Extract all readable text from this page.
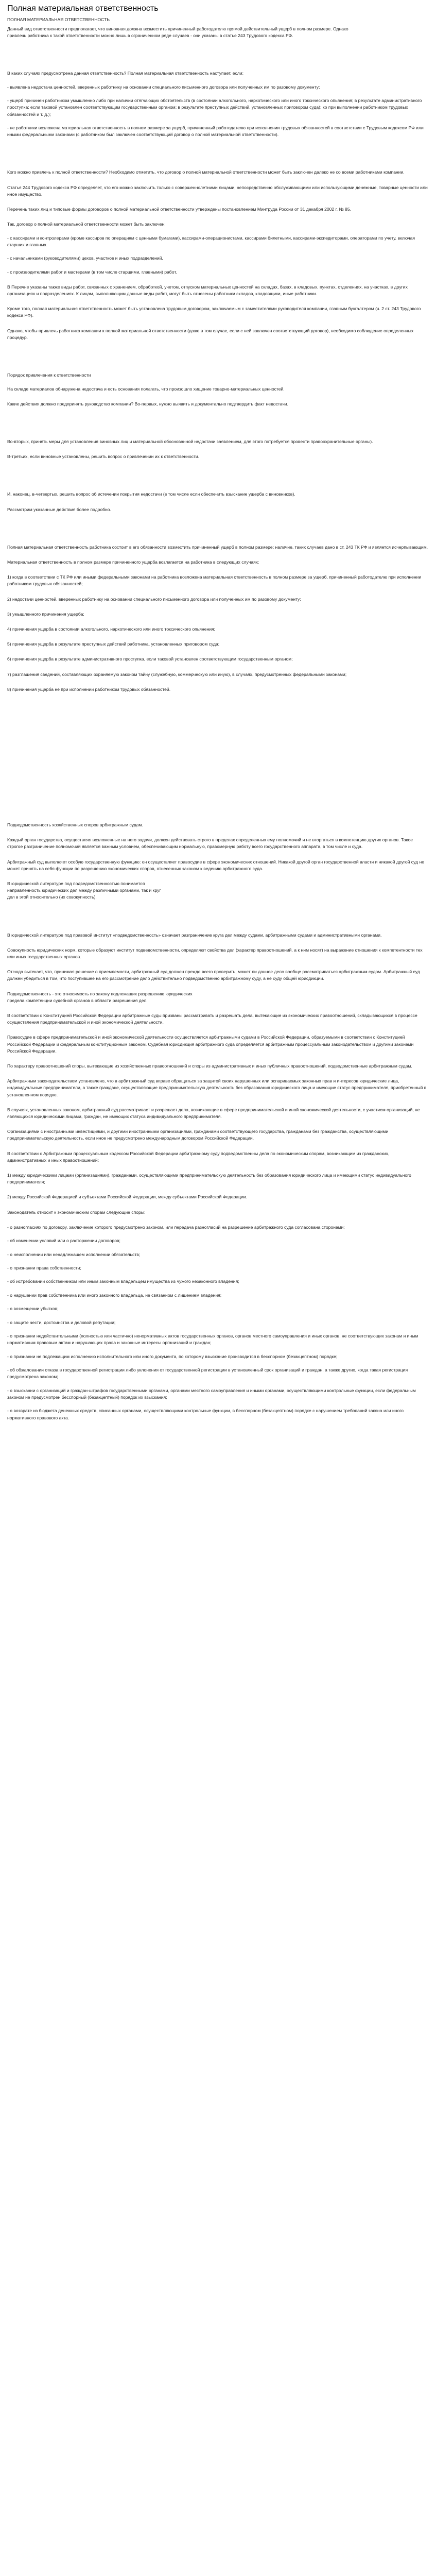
Полная материальная ответственность
ПОЛНАЯ МАТЕРИАЛЬНАЯ ОТВЕТСТВЕННОСТЬ
Данный вид ответственности предполагает, что виновная должна возместить причиненный работодателю прямой действительный ущерб в полном размере. Однако
привлечь работника к такой ответственности можно лишь в ограниченном ряде случаев - они указаны в статье 243 Трудового кодекса РФ.
В каких случаях предусмотрена данная ответственность? Полная материальная ответственность наступает, если:

- выявлена недостача ценностей, вверенных работнику на основании специального письменного договора или полученных им по разовому документу;

- ущерб причинен работником умышленно либо при наличии отягчающих обстоятельств (в состоянии алкогольного, наркотического или иного токсического опьянения; в результате административного проступка; если таковой установлен соответствующим государственным органом; в результате преступных действий, установленных приговором суда); ко при выполнении работником трудовых обязанностей и т. д.);

- не работники возложена материальная ответственность в полном размере за ущерб, причиненный работодателю при исполнении трудовых обязанностей в соответствии с Трудовым кодексом РФ или иными федеральными законами (с работником был заключен соответствующий договор о полной материальной ответственности).
Кого можно привлечь к полной ответственности? Необходимо отметить, что договор о полной материальной ответственности может быть заключен далеко не со всеми работниками компании.
Статья 244 Трудового кодекса РФ определяет, что его можно заключить только с совершеннолетними лицами, непосредственно обслуживающими или использующими денежные, товарные ценности или иное имущество.
Перечень таких лиц и типовые формы договоров о полной материальной ответственности утверждены постановлением Минтруда России от 31 декабря 2002 г. № 85.
Так, договор о полной материальной ответственности может быть заключен:

- с кассирами и контролерами (кроме кассиров по операциям с ценными бумагами), кассирами-операционистами, кассирами билетными, кассирами-экспедиторами, операторами по учету, включая старших и главных.

- с начальниками (руководителями) цехов, участков и иных подразделений,

- с производителями работ и мастерами (в том числе старшими, главными) работ.
В Перечне указаны также виды работ, связанных с хранением, обработкой, учетом, отпуском материальных ценностей на складах, базах, в кладовых, пунктах, отделениях, на участках, в других организациях и подразделениях. К лицам, выполняющим данные виды работ, могут быть отнесены работники складов, кладовщики, иные работники.
Кроме того, полная материальная ответственность может быть установлена трудовым договором, заключаемым с заместителями руководителя компании, главным бухгалтером (ч. 2 ст. 243 Трудового кодекса РФ).
Однако, чтобы привлечь работника компании к полной материальной ответственности (даже в том случае, если с ней заключен соответствующий договор), необходимо соблюдение определенных процедур.
Порядок привлечения к ответственности

На складе материалов обнаружена недостача и есть основания полагать, что произошло хищение товарно-материальных ценностей.
Какие действия должно предпринять руководство компании? Во-первых, нужно выявить и документально подтвердить факт недостачи.
Во-вторых, принять меры для установления виновных лиц и материальной обоснованной недостачи заявлением, для этого потребуется провести правоохранительные органы).
В-третьих, если виновные установлены, решить вопрос о привлечении их к ответственности.
И, наконец, в-четвертых, решить вопрос об истечении покрытия недостачи (в том числе если обеспечить взыскание ущерба с виновников).
Рассмотрим указанные действия более подробно.
Полная материальная ответственность работника состоит в его обязанности возместить причиненный ущерб в полном размере; наличие, таких случаев дано в ст. 243 ТК РФ и является исчерпывающим.
Материальная ответственность в полном размере причиненного ущерба возлагается на работника в следующих случаях:
1) когда в соответствии с ТК РФ или иными федеральными законами на работника возложена материальная ответственность в полном размере за ущерб, причиненный работодателю при исполнении работником трудовых обязанностей;
2) недостачи ценностей, вверенных работнику на основании специального письменного договора или полученных им по разовому документу;
3) умышленного причинения ущерба;
4) причинения ущерба в состоянии алкогольного, наркотического или иного токсического опьянения;
5) причинения ущерба в результате преступных действий работника, установленных приговором суда;
6) причинения ущерба в результате административного проступка, если таковой установлен соответствующим государственным органом;
7) разглашения сведений, составляющих охраняемую законом тайну (служебную, коммерческую или иную), в случаях, предусмотренных федеральными законами;
8) причинения ущерба не при исполнении работником трудовых обязанностей.
Подведомственность хозяйственных споров арбитражным судам.
Каждый орган государства, осуществляя возложенные на него задачи, должен действовать строго в пределах определенных ему полномочий и не вторгаться в компетенцию других органов. Такое строгое разграничение полномочий является важным условием, обеспечивающим нормальную, правомерную работу всего государственного аппарата, в том числе и суда.
Арбитражный суд выполняет особую государственную функцию: он осуществляет правосудие в сфере экономических отношений. Никакой другой орган государственной власти и никакой другой суд не может принять на себя функции по разрешению экономических споров, отнесенных законом к ведению арбитражного суда.
В юридической литературе под подведомственностью понимается
направленность юридических дел между различными органами, так и круг
дел в этой относительно (их совокупность).
В юридической литературе под правовой институт «подведомственность» означает разграничение круга дел между судами, арбитражными судами и административными органами.
Совокупность юридических норм, которые образуют институт подведомственности, определяют свойства дел (характер правоотношений, а к ним носят) на выражение отношения к компетентности тех или иных государственных органов.
Отсюда вытекает, что, принимая решение о приемлемости, арбитражный суд должен прежде всего проверить, может ли данное дело вообще рассматриваться арбитражным судом. Арбитражный суд должен убедиться в том, что поступившее на его рассмотрение дело действительно подведомственно арбитражному суду, а не суду общей юрисдикции.
Подведомственность - это относимость по закону подлежащих разрешению юридических
предела компетенции судебной органов в области разрешения дел.
В соответствии с Конституцией Российской Федерации арбитражные суды призваны рассматривать и разрешать дела, вытекающие из экономических правоотношений, складывающихся в процессе осуществления предпринимательской и иной экономической деятельности.
Правосудие в сфере предпринимательской и иной экономической деятельности осуществляется арбитражными судами в Российской Федерации, образуемыми в соответствии с Конституцией Российской Федерации и федеральным конституционным законом. Судебная юрисдикция арбитражного суда определяется арбитражным процессуальным законодательством и другими законами Российской Федерации.
По характеру правоотношений споры, вытекающие из хозяйственных правоотношений и споры из административных и иных публичных правоотношений, подведомственные арбитражным судам.
Арбитражным законодательством установлено, что в арбитражный суд вправе обращаться за защитой своих нарушенных или оспариваемых законных прав и интересов юридические лица, индивидуальные предприниматели, а также граждане, осуществляющие предпринимательскую деятельность без образования юридического лица и имеющие статус предпринимателя, приобретенный в установленном порядке.
В случаях, установленных законом, арбитражный суд рассматривает и разрешает дела, возникающие в сфере предпринимательской и иной экономической деятельности, с участием организаций, не являющихся юридическими лицами, граждан, не имеющих статуса индивидуального предпринимателя.
Организациями с иностранными инвестициями, и другими иностранными организациями, гражданами соответствующего государства, гражданами без гражданства, осуществляющими предпринимательскую деятельность, если иное не предусмотрено международным договором Российской Федерации.
В соответствии с Арбитражным процессуальным кодексом Российской Федерации арбитражному суду подведомственны дела по экономическим спорам, возникающим из гражданских, административных и иных правоотношений:
1) между юридическими лицами (организациями), гражданами, осуществляющими предпринимательскую деятельность без образования юридического лица и имеющими статус индивидуального предпринимателя;
2) между Российской Федерацией и субъектами Российской Федерации, между субъектами Российской Федерации.
Законодатель относит к экономическим спорам следующие споры:
- о разногласиях по договору, заключение которого предусмотрено законом, или передача разногласий на разрешение арбитражного суда согласована сторонами;

- об изменении условий или о расторжении договоров;

- о неисполнении или ненадлежащем исполнении обязательств;

- о признании права собственности;

- об истребовании собственником или иным законным владельцем имущества из чужого незаконного владения;

- о нарушении прав собственника или иного законного владельца, не связанном с лишением владения;

- о возмещении убытков;

- о защите чести, достоинства и деловой репутации;

- о признании недействительными (полностью или частично) ненормативных актов государственных органов, органов местного самоуправления и иных органов, не соответствующих законам и иным нормативным правовым актам и нарушающих права и законные интересы организаций и граждан;

- о признании не подлежащим исполнению исполнительного или иного документа, по которому взыскание производится в бесспорном (безакцептном) порядке;

- об обжаловании отказа в государственной регистрации либо уклонения от государственной регистрации в установленный срок организаций и граждан, а также других, когда такая регистрация предусмотрена законом;

- о взыскании с организаций и граждан-штрафов государственными органами, органами местного самоуправления и иными органами, осуществляющими контрольные функции, если федеральным законом не предусмотрен бесспорный (безакцептный) порядок их взыскания;

- о возврате из бюджета денежных средств, списанных органами, осуществляющими контрольные функции, в бесспорном (безакцептном) порядке с нарушением требований закона или иного нормативного правового акта.
